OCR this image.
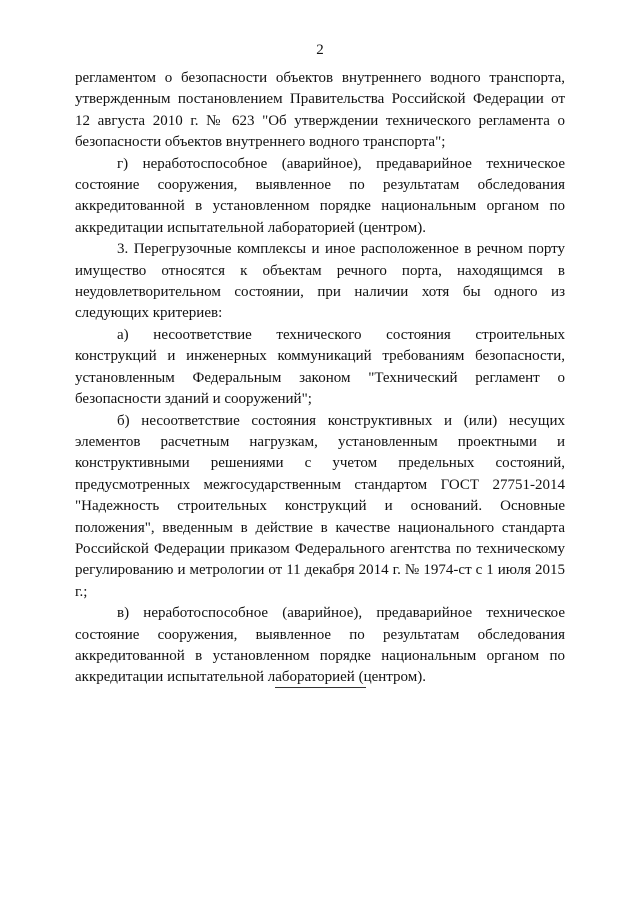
2

регламентом о безопасности объектов внутреннего водного транспорта, утвержденным постановлением Правительства Российской Федерации от 12 августа 2010 г. № 623 "Об утверждении технического регламента о безопасности объектов внутреннего водного транспорта";

г) неработоспособное (аварийное), предаварийное техническое состояние сооружения, выявленное по результатам обследования аккредитованной в установленном порядке национальным органом по аккредитации испытательной лабораторией (центром).

3. Перегрузочные комплексы и иное расположенное в речном порту имущество относятся к объектам речного порта, находящимся в неудовлетворительном состоянии, при наличии хотя бы одного из следующих критериев:

а) несоответствие технического состояния строительных конструкций и инженерных коммуникаций требованиям безопасности, установленным Федеральным законом "Технический регламент о безопасности зданий и сооружений";

б) несоответствие состояния конструктивных и (или) несущих элементов расчетным нагрузкам, установленным проектными и конструктивными решениями с учетом предельных состояний, предусмотренных межгосударственным стандартом ГОСТ 27751-2014 "Надежность строительных конструкций и оснований. Основные положения", введенным в действие в качестве национального стандарта Российской Федерации приказом Федерального агентства по техническому регулированию и метрологии от 11 декабря 2014 г. № 1974-ст с 1 июля 2015 г.;

в) неработоспособное (аварийное), предаварийное техническое состояние сооружения, выявленное по результатам обследования аккредитованной в установленном порядке национальным органом по аккредитации испытательной лабораторией (центром).
